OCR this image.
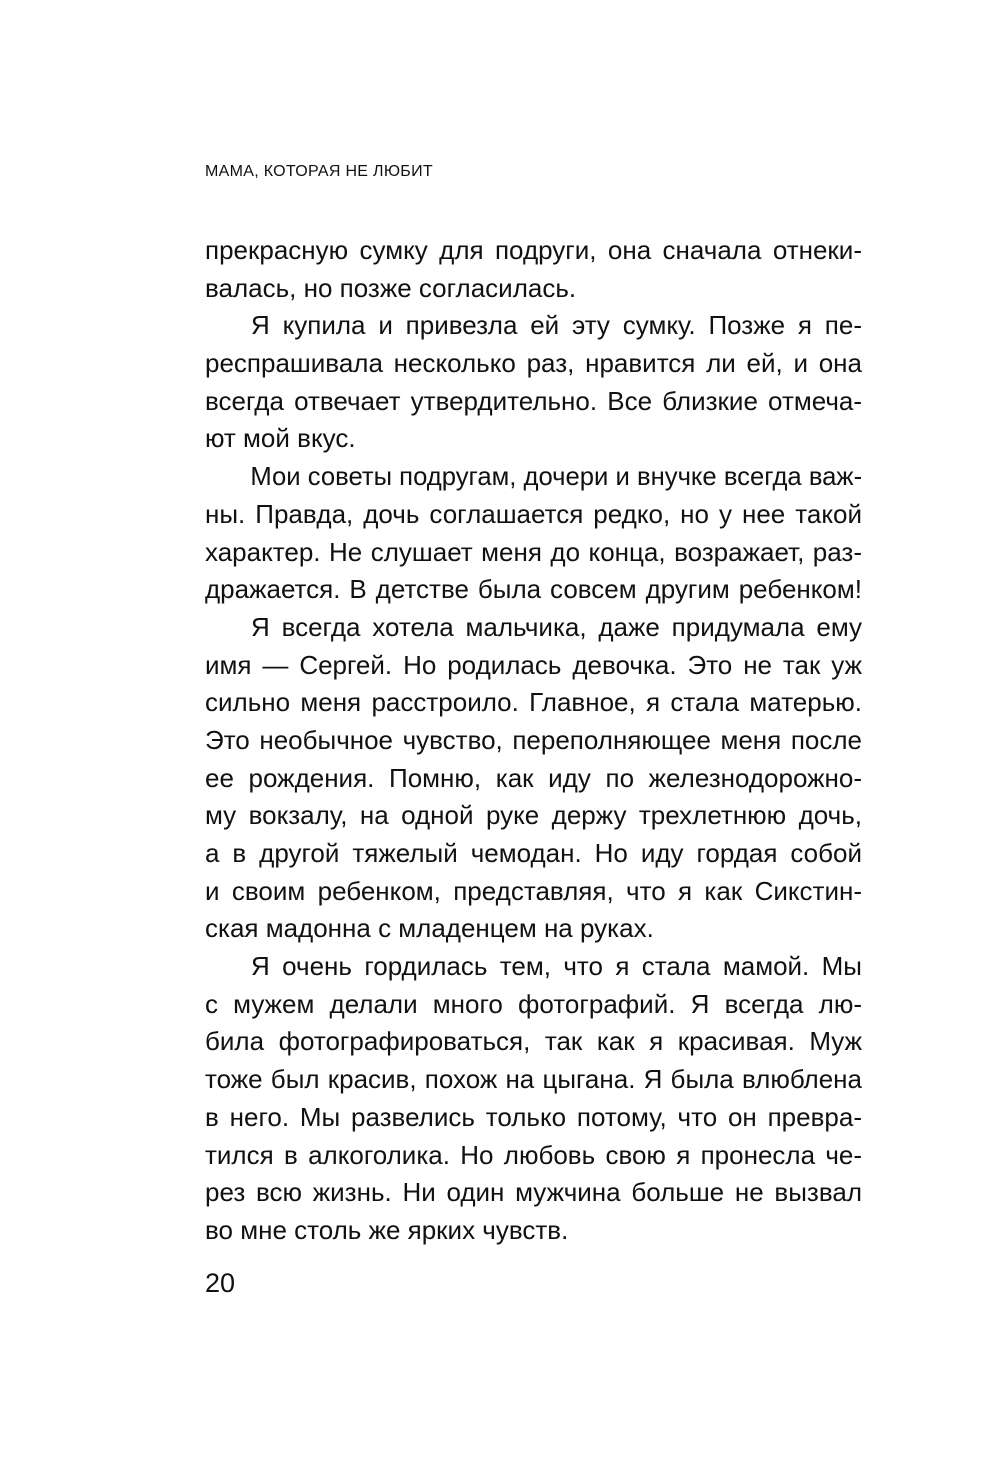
МАМА, КОТОРАЯ НЕ ЛЮБИТ
прекрасную сумку для подруги, она сначала отнеки-
валась, но позже согласилась.
Я купила и привезла ей эту сумку. Позже я пе-
респрашивала несколько раз, нравится ли ей, и она
всегда отвечает утвердительно. Все близкие отмеча-
ют мой вкус.
Мои советы подругам, дочери и внучке всегда важ-
ны. Правда, дочь соглашается редко, но у нее такой
характер. Не слушает меня до конца, возражает, раз-
дражается. В детстве была совсем другим ребенком!
Я всегда хотела мальчика, даже придумала ему
имя — Сергей. Но родилась девочка. Это не так уж
сильно меня расстроило. Главное, я стала матерью.
Это необычное чувство, переполняющее меня после
ее рождения. Помню, как иду по железнодорожно-
му вокзалу, на одной руке держу трехлетнюю дочь,
а в другой тяжелый чемодан. Но иду гордая собой
и своим ребенком, представляя, что я как Сикстин-
ская мадонна с младенцем на руках.
Я очень гордилась тем, что я стала мамой. Мы
с мужем делали много фотографий. Я всегда лю-
била фотографироваться, так как я красивая. Муж
тоже был красив, похож на цыгана. Я была влюблена
в него. Мы развелись только потому, что он превра-
тился в алкоголика. Но любовь свою я пронесла че-
рез всю жизнь. Ни один мужчина больше не вызвал
во мне столь же ярких чувств.
20
